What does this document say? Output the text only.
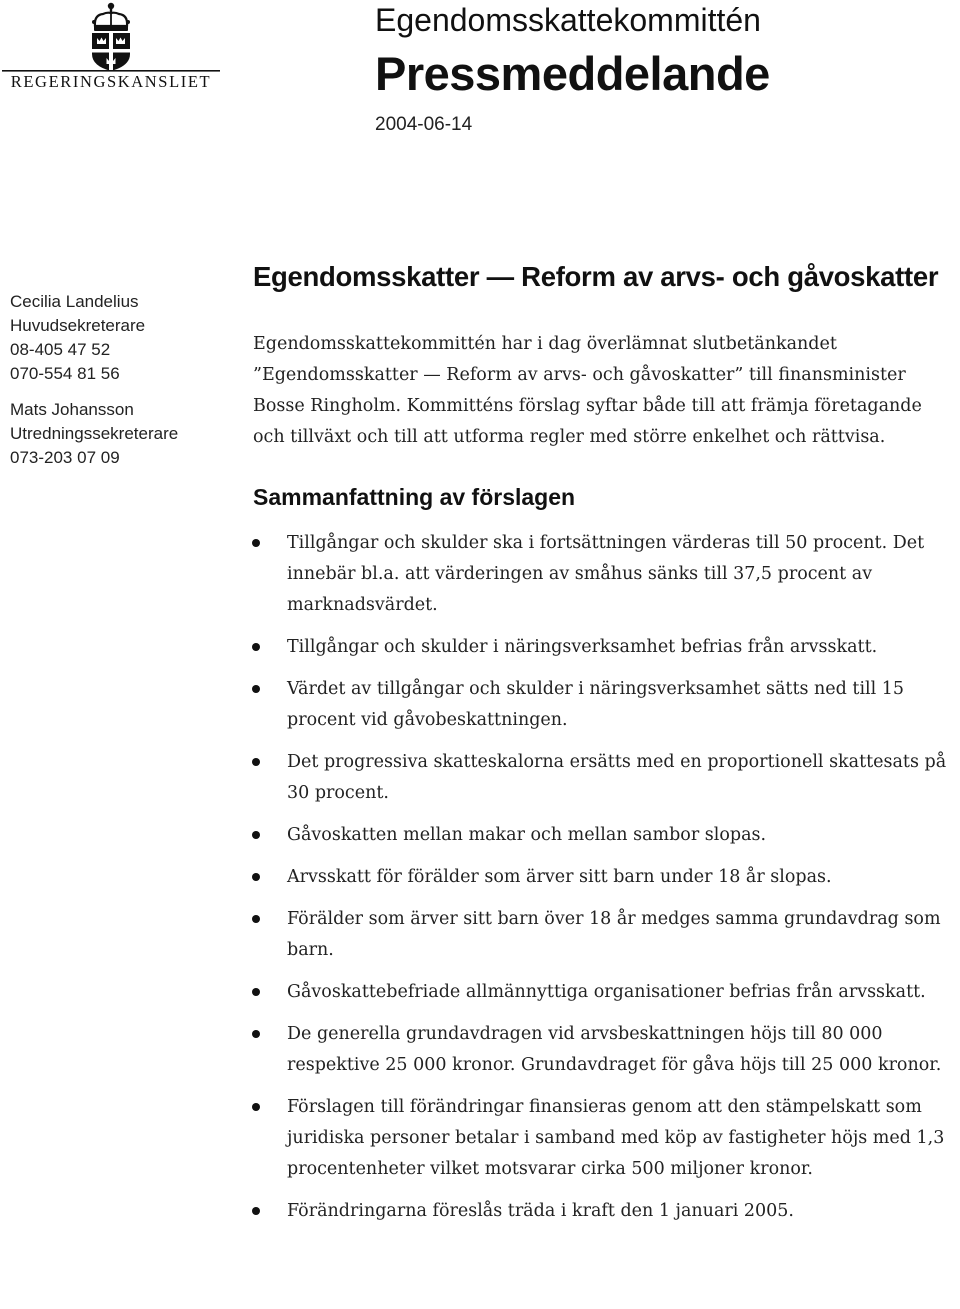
REGERINGSKANSLIET
Egendomsskattekommittén
Pressmeddelande
2004-06-14
Cecilia Landelius
Huvudsekreterare
08-405 47 52
070-554 81 56
Mats Johansson
Utredningssekreterare
073-203 07 09
Egendomsskatter — Reform av arvs- och gåvoskatter

Egendomsskattekommittén har i dag överlämnat slutbetänkandet ”Egendomsskatter — Reform av arvs- och gåvoskatter” till finansminister Bosse Ringholm. Kommitténs förslag syftar både till att främja företagande och tillväxt och till att utforma regler med större enkelhet och rättvisa.

Sammanfattning av förslagen
Tillgångar och skulder ska i fortsättningen värderas till 50 procent. Det innebär bl.a. att värderingen av småhus sänks till 37,5 procent av marknadsvärdet.
Tillgångar och skulder i näringsverksamhet befrias från arvsskatt.
Värdet av tillgångar och skulder i näringsverksamhet sätts ned till 15 procent vid gåvobeskattningen.
Det progressiva skatteskalorna ersätts med en proportionell skattesats på 30 procent.
Gåvoskatten mellan makar och mellan sambor slopas.
Arvsskatt för förälder som ärver sitt barn under 18 år slopas.
Förälder som ärver sitt barn över 18 år medges samma grundavdrag som barn.
Gåvoskattebefriade allmännyttiga organisationer befrias från arvsskatt.
De generella grundavdragen vid arvsbeskattningen höjs till 80 000 respektive 25 000 kronor. Grundavdraget för gåva höjs till 25 000 kronor.
Förslagen till förändringar finansieras genom att den stämpelskatt som juridiska personer betalar i samband med köp av fastigheter höjs med 1,3 procentenheter vilket motsvarar cirka 500 miljoner kronor.
Förändringarna föreslås träda i kraft den 1 januari 2005.
